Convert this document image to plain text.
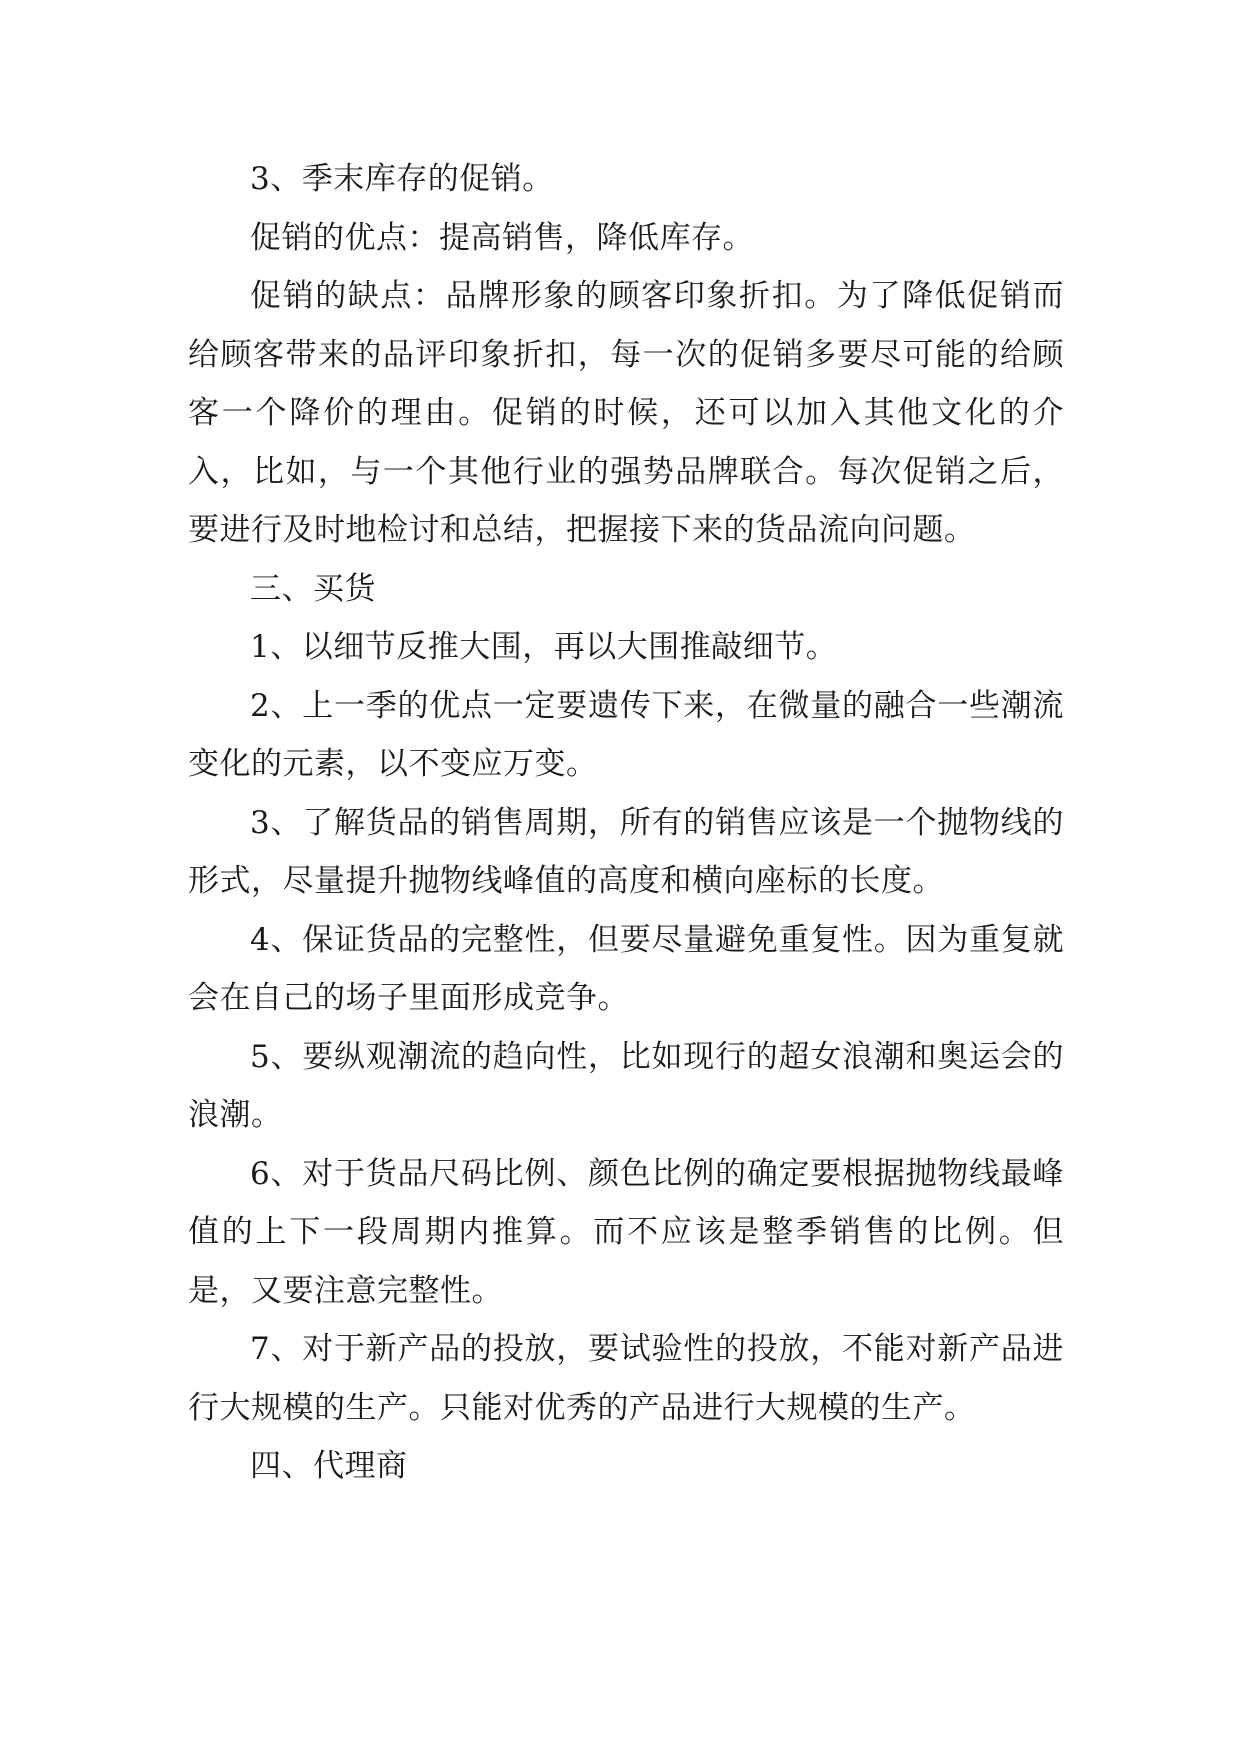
3、季末库存的促销。

促销的优点：提高销售，降低库存。

促销的缺点：品牌形象的顾客印象折扣。为了降低促销而给顾客带来的品评印象折扣，每一次的促销多要尽可能的给顾客一个降价的理由。促销的时候，还可以加入其他文化的介入，比如，与一个其他行业的强势品牌联合。每次促销之后，要进行及时地检讨和总结，把握接下来的货品流向问题。

三、买货

1、以细节反推大围，再以大围推敲细节。

2、上一季的优点一定要遗传下来，在微量的融合一些潮流变化的元素，以不变应万变。

3、了解货品的销售周期，所有的销售应该是一个抛物线的形式，尽量提升抛物线峰值的高度和横向座标的长度。

4、保证货品的完整性，但要尽量避免重复性。因为重复就会在自己的场子里面形成竞争。

5、要纵观潮流的趋向性，比如现行的超女浪潮和奥运会的浪潮。

6、对于货品尺码比例、颜色比例的确定要根据抛物线最峰值的上下一段周期内推算。而不应该是整季销售的比例。但是，又要注意完整性。

7、对于新产品的投放，要试验性的投放，不能对新产品进行大规模的生产。只能对优秀的产品进行大规模的生产。

四、代理商
